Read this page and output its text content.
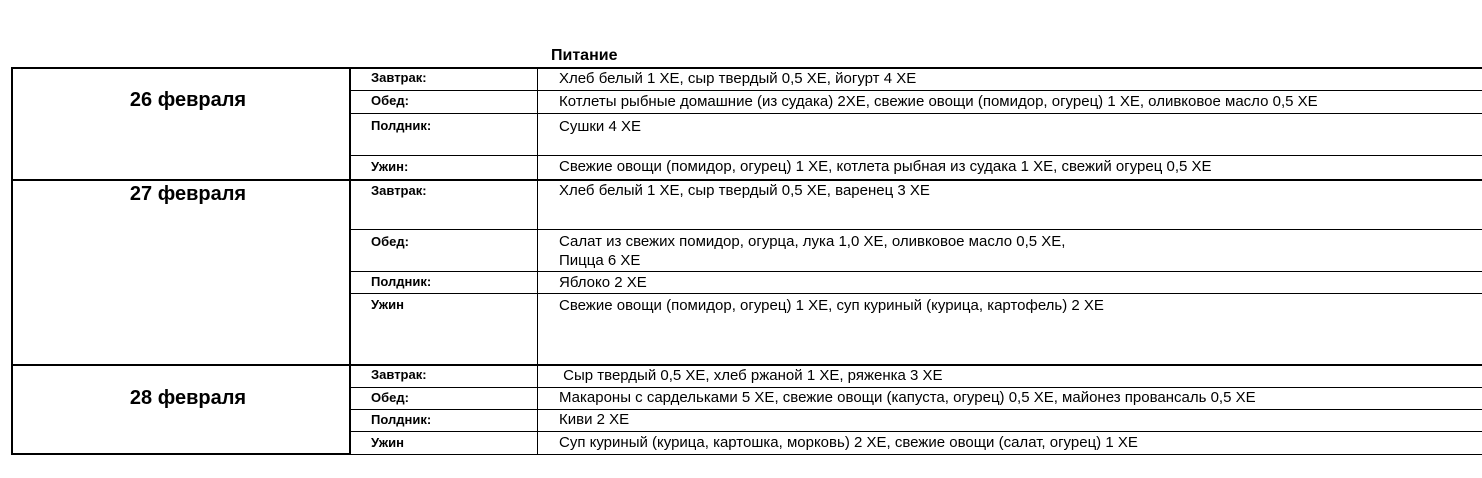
Питание
26 февраля
Завтрак:	Хлеб белый 1 ХЕ, сыр твердый 0,5 ХЕ, йогурт 4 ХЕ
Обед:	Котлеты рыбные домашние (из судака) 2ХЕ, свежие овощи (помидор, огурец) 1 ХЕ, оливковое масло 0,5 ХЕ
Полдник:	Сушки 4 ХЕ
Ужин:	Свежие овощи (помидор, огурец) 1 ХЕ, котлета рыбная из судака 1 ХЕ, свежий огурец 0,5 ХЕ
27 февраля	Завтрак:	Хлеб белый 1 ХЕ, сыр твердый 0,5 ХЕ, варенец 3 ХЕ
Обед:	Салат из свежих помидор, огурца, лука 1,0 ХЕ, оливковое масло 0,5 ХЕ,
Пицца 6 ХЕ
Полдник:	Яблоко 2 ХЕ
Ужин	Свежие овощи (помидор, огурец) 1 ХЕ, суп куриный (курица, картофель) 2 ХЕ
28 февраля
Завтрак:	Сыр твердый 0,5 ХЕ, хлеб ржаной 1 ХЕ, ряженка 3 ХЕ
Обед:	Макароны с сардельками 5 ХЕ, свежие овощи (капуста, огурец) 0,5 ХЕ, майонез провансаль 0,5 ХЕ
Полдник:	Киви 2 ХЕ
Ужин	Суп куриный (курица, картошка, морковь) 2 ХЕ, свежие овощи (салат, огурец) 1 ХЕ
